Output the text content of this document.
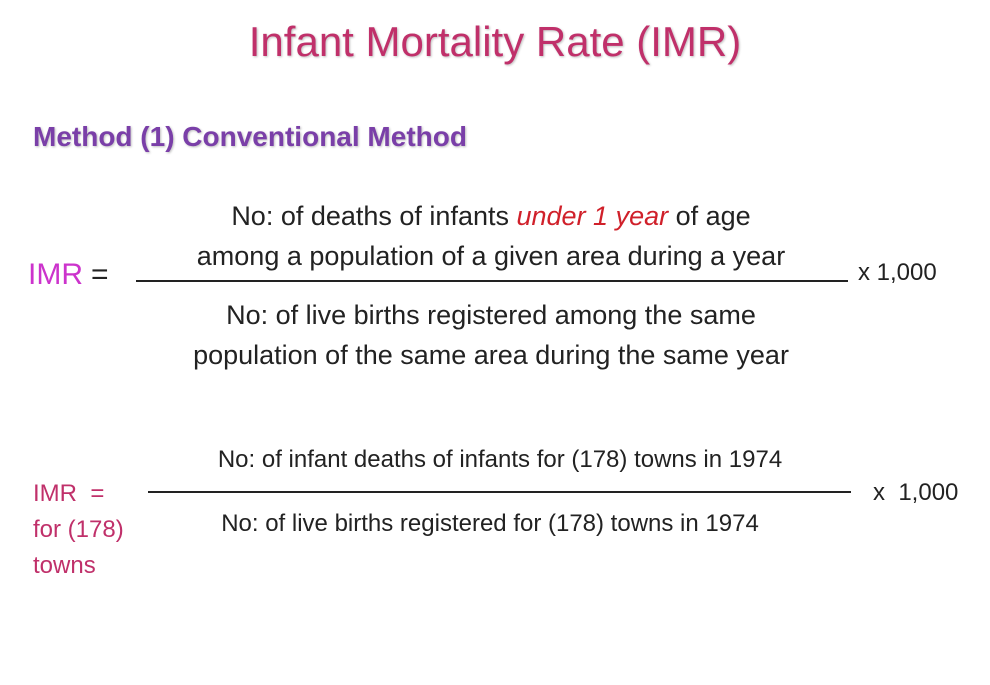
Infant Mortality Rate (IMR)
Method (1) Conventional Method
IMR =
No: of deaths of infants under 1 year of age
among a population of a given area during a year
No: of live births registered among the same
population of the same area during the same year
x 1,000
IMR  =
for (178)
towns
No: of infant deaths of infants for (178) towns in 1974
No: of live births registered for (178) towns in 1974
x  1,000
